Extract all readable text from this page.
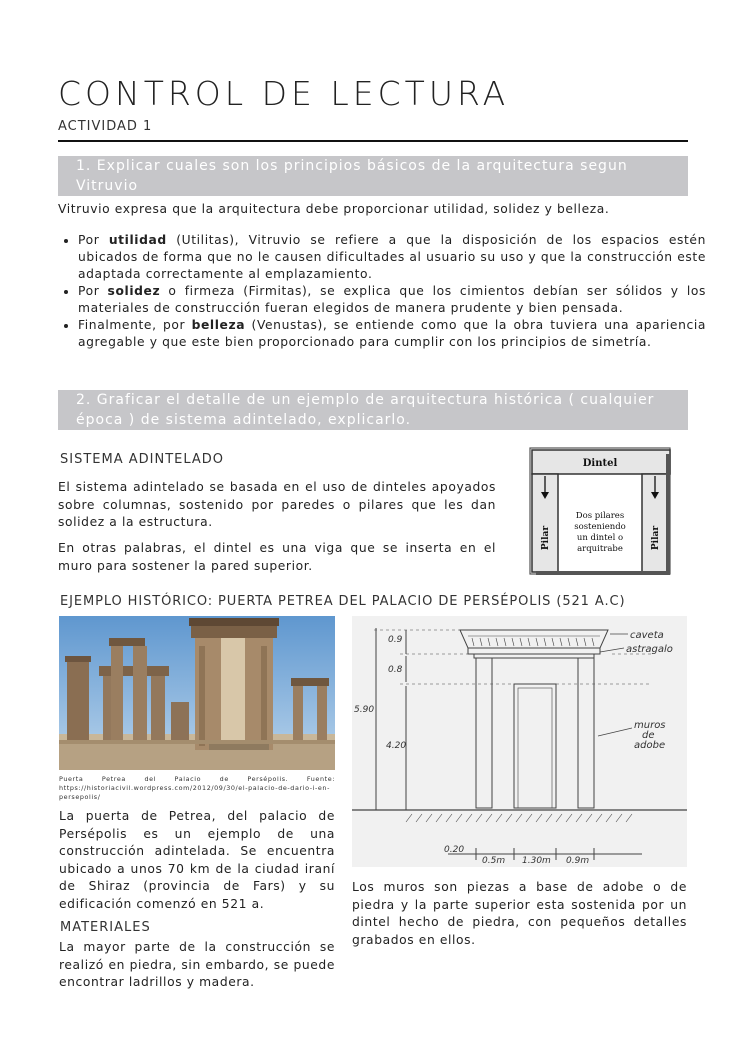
CONTROL DE LECTURA
ACTIVIDAD 1
1. Explicar cuales son los principios básicos de la arquitectura segun
Vitruvio
Vitruvio expresa que la arquitectura debe proporcionar utilidad, solidez y belleza.
• Por utilidad (Utilitas), Vitruvio se refiere a que la disposición de los espacios estén ubicados de forma que no le causen dificultades al usuario su uso y que la construcción este adaptada correctamente al emplazamiento.
• Por solidez o firmeza (Firmitas), se explica que los cimientos debían ser sólidos y los materiales de construcción fueran elegidos de manera prudente y bien pensada.
• Finalmente, por belleza (Venustas), se entiende como que la obra tuviera una apariencia agregable y que este bien proporcionado para cumplir con los principios de simetría.
2. Graficar el detalle de un ejemplo de arquitectura histórica ( cualquier
época ) de sistema adintelado, explicarlo.
SISTEMA ADINTELADO
El sistema adintelado se basada en el uso de dinteles apoyados sobre columnas, sostenido por paredes o pilares que les dan solidez a la estructura.
En otras palabras, el dintel es una viga que se inserta en el muro para sostener la pared superior.
Dintel
Pilar	Pilar
Dos pilares
sosteniendo
un dintel o
arquitrabe
EJEMPLO HISTÓRICO: PUERTA PETREA DEL PALACIO DE PERSÉPOLIS (521 A.C)
Puerta Petrea del Palacio de Persépolis. Fuente: https://historiacivil.wordpress.com/2012/09/30/el-palacio-de-dario-i-en-persepolis/
La puerta de Petrea, del palacio de Persépolis es un ejemplo de una construcción adintelada. Se encuentra ubicado a unos 70 km de la ciudad iraní de Shiraz (provincia de Fars) y su edificación comenzó en 521 a.
MATERIALES
La mayor parte de la construcción se realizó en piedra, sin embardo, se puede encontrar ladrillos y madera.
0.9
0.8
5.90
4.20
caveta
astragalo
muros
de
adobe
0.20
0.5m 1.30m 0.9m
Los muros son piezas a base de adobe o de piedra y la parte superior esta sostenida por un dintel hecho de piedra, con pequeños detalles grabados en ellos.
